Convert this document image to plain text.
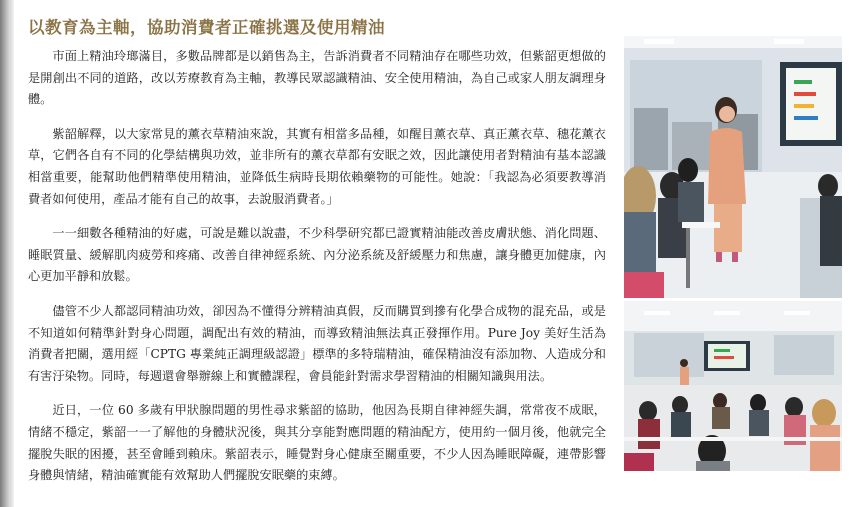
以教育為主軸，協助消費者正確挑選及使用精油

市面上精油玲瑯滿目，多數品牌都是以銷售為主，告訴消費者不同精油存在哪些功效，但紫韶更想做的是開創出不同的道路，改以芳療教育為主軸，教導民眾認識精油、安全使用精油，為自己或家人朋友調理身體。

紫韶解釋，以大家常見的薰衣草精油來說，其實有相當多品種，如醒目薰衣草、真正薰衣草、穗花薰衣草，它們各自有不同的化學結構與功效，並非所有的薰衣草都有安眠之效，因此讓使用者對精油有基本認識相當重要，能幫助他們精準使用精油，並降低生病時長期依賴藥物的可能性。她說：「我認為必須要教導消費者如何使用，產品才能有自己的故事，去說服消費者。」

一一細數各種精油的好處，可說是難以說盡，不少科學研究都已證實精油能改善皮膚狀態、消化問題、睡眠質量、緩解肌肉疲勞和疼痛、改善自律神經系統、內分泌系統及舒緩壓力和焦慮，讓身體更加健康，內心更加平靜和放鬆。

儘管不少人都認同精油功效，卻因為不懂得分辨精油真假，反而購買到摻有化學合成物的混充品，或是不知道如何精準針對身心問題，調配出有效的精油，而導致精油無法真正發揮作用。Pure Joy 美好生活為消費者把關，選用經「CPTG 專業純正調理級認證」標準的多特瑞精油，確保精油沒有添加物、人造成分和有害汙染物。同時，每週還會舉辦線上和實體課程，會員能針對需求學習精油的相關知識與用法。

近日，一位 60 多歲有甲狀腺問題的男性尋求紫韶的協助，他因為長期自律神經失調，常常夜不成眠，情緒不穩定，紫韶一一了解他的身體狀況後，與其分享能對應問題的精油配方，使用約一個月後，他就完全擺脫失眠的困擾，甚至會睡到賴床。紫韶表示，睡覺對身心健康至關重要，不少人因為睡眠障礙，連帶影響身體與情緒，精油確實能有效幫助人們擺脫安眠藥的束縛。
